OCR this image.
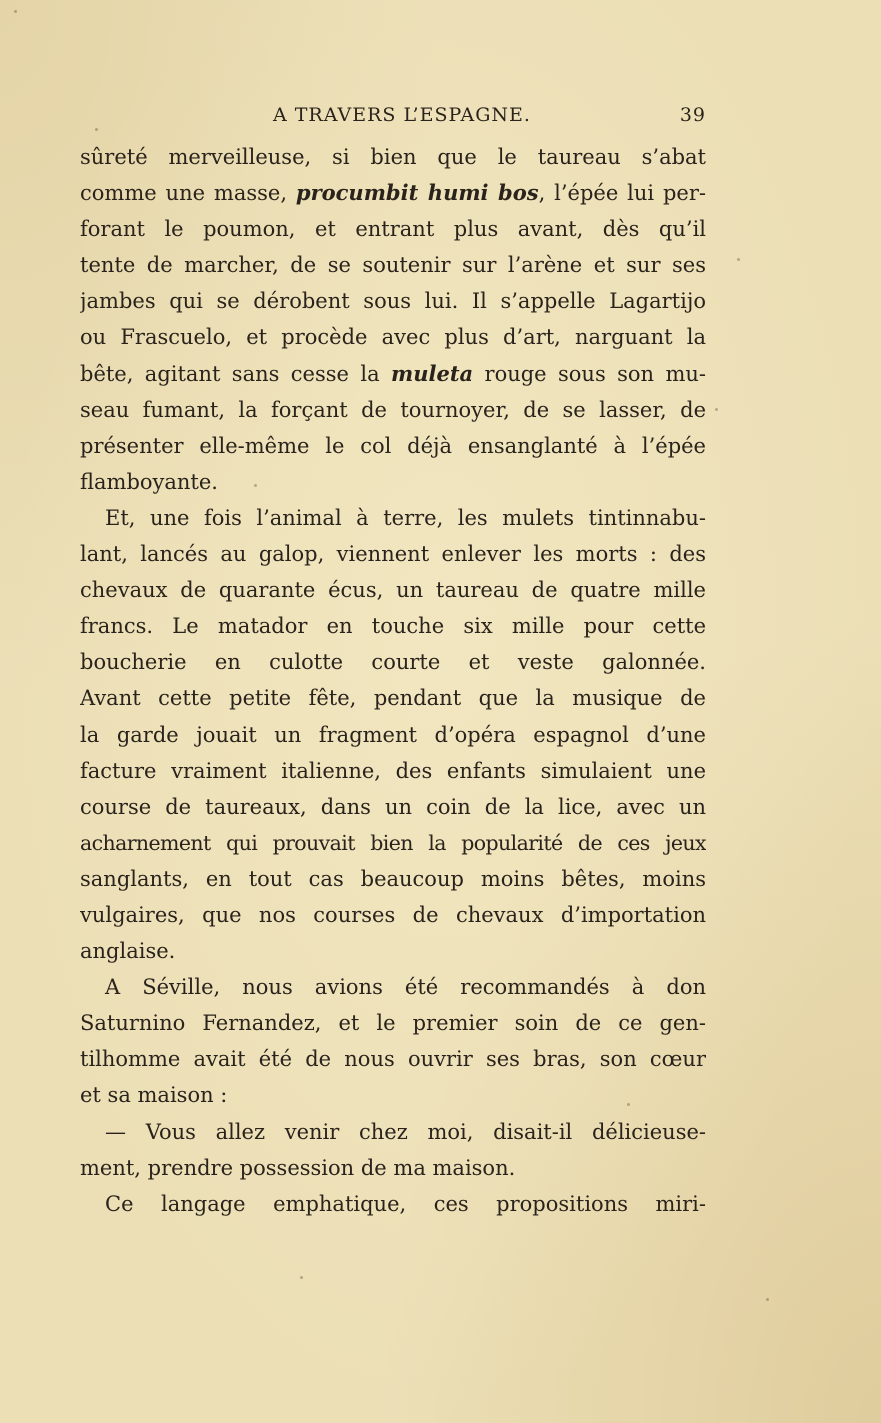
A TRAVERS L’ESPAGNE.	39
sûreté merveilleuse, si bien que le taureau s’abat
comme une masse, procumbit humi bos, l’épée lui per-
forant le poumon, et entrant plus avant, dès qu’il
tente de marcher, de se soutenir sur l’arène et sur ses
jambes qui se dérobent sous lui. Il s’appelle Lagartijo
ou Frascuelo, et procède avec plus d’art, narguant la
bête, agitant sans cesse la muleta rouge sous son mu-
seau fumant, la forçant de tournoyer, de se lasser, de
présenter elle-même le col déjà ensanglanté à l’épée
flamboyante.
Et, une fois l’animal à terre, les mulets tintinnabu-
lant, lancés au galop, viennent enlever les morts : des
chevaux de quarante écus, un taureau de quatre mille
francs. Le matador en touche six mille pour cette
boucherie en culotte courte et veste galonnée.
Avant cette petite fête, pendant que la musique de
la garde jouait un fragment d’opéra espagnol d’une
facture vraiment italienne, des enfants simulaient une
course de taureaux, dans un coin de la lice, avec un
acharnement qui prouvait bien la popularité de ces jeux
sanglants, en tout cas beaucoup moins bêtes, moins
vulgaires, que nos courses de chevaux d’importation
anglaise.
A Séville, nous avions été recommandés à don
Saturnino Fernandez, et le premier soin de ce gen-
tilhomme avait été de nous ouvrir ses bras, son cœur
et sa maison :
— Vous allez venir chez moi, disait-il délicieuse-
ment, prendre possession de ma maison.
Ce langage emphatique, ces propositions miri-
